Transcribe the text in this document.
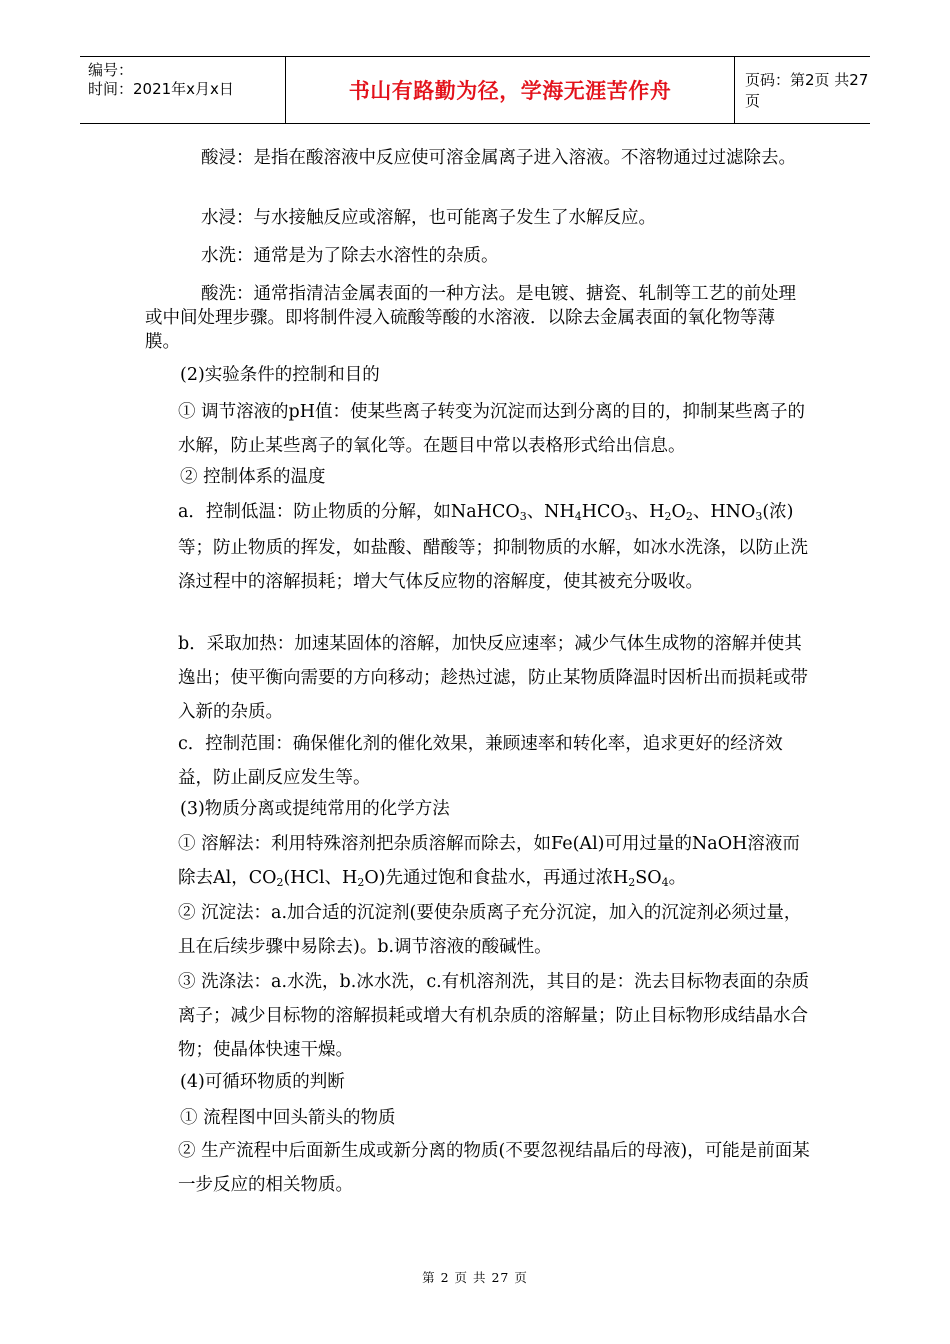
编号：
时间：2021年x月x日	书山有路勤为径，学海无涯苦作舟	页码：第2页 共27页
酸浸：是指在酸溶液中反应使可溶金属离子进入溶液。不溶物通过过滤除去。
水浸：与水接触反应或溶解，也可能离子发生了水解反应。
水洗：通常是为了除去水溶性的杂质。
酸洗：通常指清洁金属表面的一种方法。是电镀、搪瓷、轧制等工艺的前处理或中间处理步骤。即将制件浸入硫酸等酸的水溶液．以除去金属表面的氧化物等薄膜。
(2)实验条件的控制和目的
① 调节溶液的pH值：使某些离子转变为沉淀而达到分离的目的，抑制某些离子的水解，防止某些离子的氧化等。在题目中常以表格形式给出信息。
② 控制体系的温度
a．控制低温：防止物质的分解，如NaHCO$_3$、$NH_4HCO_3$、$H_2O_2$、$HNO_3$(浓)等；防止物质的挥发，如盐酸、醋酸等；抑制物质的水解，如冰水洗涤，以防止洗涤过程中的溶解损耗；增大气体反应物的溶解度，使其被充分吸收。
b．采取加热：加速某固体的溶解，加快反应速率；减少气体生成物的溶解并使其逸出；使平衡向需要的方向移动；趁热过滤，防止某物质降温时因析出而损耗或带入新的杂质。
c．控制范围：确保催化剂的催化效果，兼顾速率和转化率，追求更好的经济效益，防止副反应发生等。
(3)物质分离或提纯常用的化学方法
① 溶解法：利用特殊溶剂把杂质溶解而除去，如Fe(Al)可用过量的NaOH溶液而除去Al，$CO_2(HCl$、$H_2O$)先通过饱和食盐水，再通过浓$H_2SO_4$。
② 沉淀法：a.加合适的沉淀剂(要使杂质离子充分沉淀，加入的沉淀剂必须过量，且在后续步骤中易除去)。b.调节溶液的酸碱性。
③ 洗涤法：a.水洗，b.冰水洗，c.有机溶剂洗，其目的是：洗去目标物表面的杂质离子；减少目标物的溶解损耗或增大有机杂质的溶解量；防止目标物形成结晶水合物；使晶体快速干燥。
(4)可循环物质的判断
① 流程图中回头箭头的物质
② 生产流程中后面新生成或新分离的物质(不要忽视结晶后的母液)，可能是前面某一步反应的相关物质。
第 2 页 共 27 页
